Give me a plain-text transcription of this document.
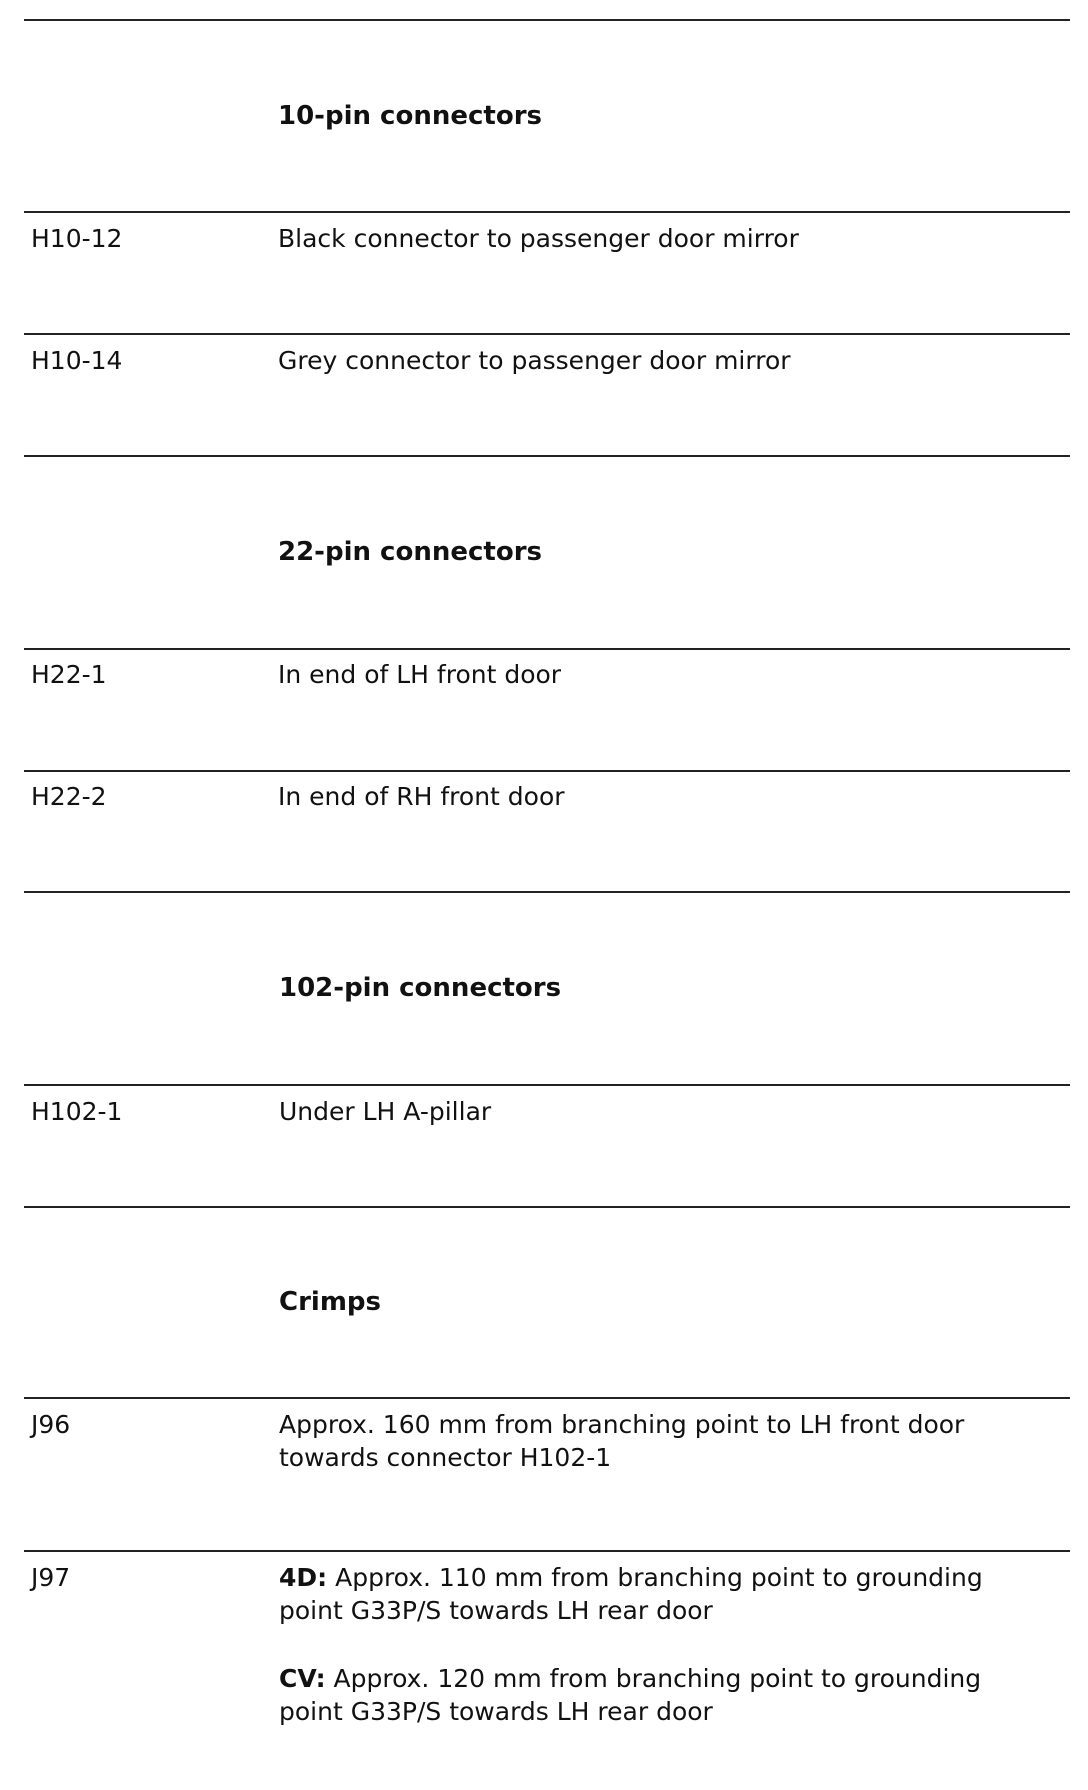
10-pin connectors
H10-12	Black connector to passenger door mirror
H10-14	Grey connector to passenger door mirror
22-pin connectors
H22-1	In end of LH front door
H22-2	In end of RH front door
102-pin connectors
H102-1	Under LH A-pillar
Crimps
J96	Approx. 160 mm from branching point to LH front door
towards connector H102-1
J97	4D: Approx. 110 mm from branching point to grounding
point G33P/S towards LH rear door
CV: Approx. 120 mm from branching point to grounding
point G33P/S towards LH rear door
